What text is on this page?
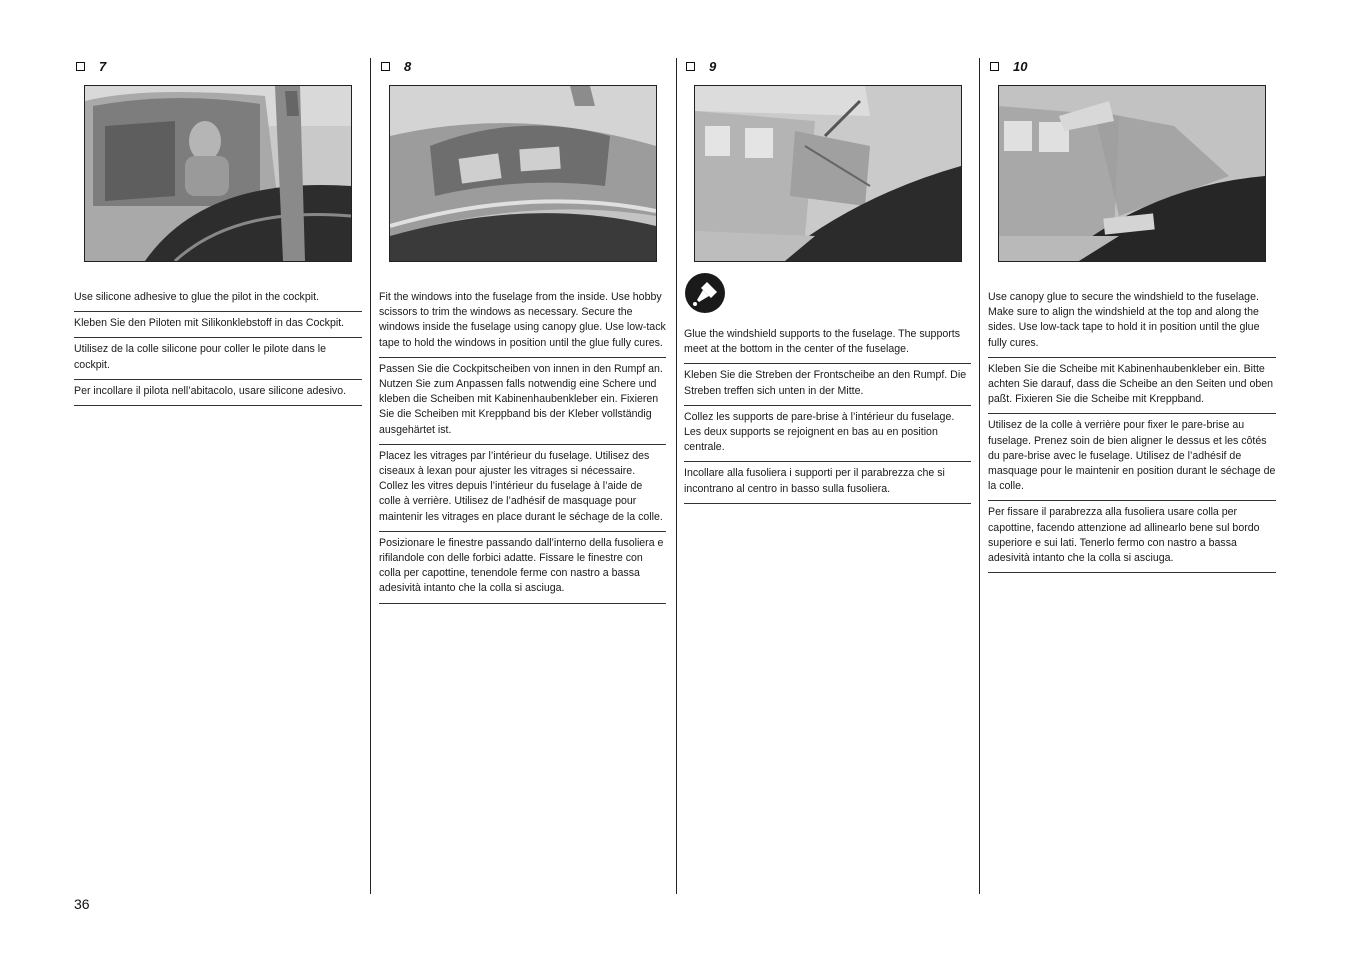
7

Use silicone adhesive to glue the pilot in the cockpit.

Kleben Sie den Piloten mit Silikonklebstoff in das Cockpit.

Utilisez de la colle silicone pour coller le pilote dans le cockpit.

Per incollare il pilota nell’abitacolo, usare silicone adesivo.

8

Fit the windows into the fuselage from the inside. Use hobby scissors to trim the windows as necessary. Secure the windows inside the fuselage using canopy glue. Use low-tack tape to hold the windows in position until the glue fully cures.

Passen Sie die Cockpitscheiben von innen in den Rumpf an. Nutzen Sie zum Anpassen falls notwendig eine Schere und kleben die Scheiben mit Kabinenhaubenkleber ein. Fixieren Sie die Scheiben mit Kreppband bis der Kleber vollständig ausgehärtet ist.

Placez les vitrages par l’intérieur du fuselage. Utilisez des ciseaux à lexan pour ajuster les vitrages si nécessaire. Collez les vitres depuis l’intérieur du fuselage à l’aide de colle à verrière. Utilisez de l’adhésif de masquage pour maintenir les vitrages en place durant le séchage de la colle.

Posizionare le finestre passando dall’interno della fusoliera e rifilandole con delle forbici adatte. Fissare le finestre con colla per capottine, tenendole ferme con nastro a bassa adesività intanto che la colla si asciuga.

9

Glue the windshield supports to the fuselage. The supports meet at the bottom in the center of the fuselage.

Kleben Sie die Streben der Frontscheibe an den Rumpf. Die Streben treffen sich unten in der Mitte.

Collez les supports de pare-brise à l’intérieur du fuselage. Les deux supports se rejoignent en bas au en position centrale.

Incollare alla fusoliera i supporti per il parabrezza che si incontrano al centro in basso sulla fusoliera.

10

Use canopy glue to secure the windshield to the fuselage. Make sure to align the windshield at the top and along the sides. Use low-tack tape to hold it in position until the glue fully cures.

Kleben Sie die Scheibe mit Kabinenhaubenkleber ein. Bitte achten Sie darauf, dass die Scheibe an den Seiten und oben paßt. Fixieren Sie die Scheibe mit Kreppband.

Utilisez de la colle à verrière pour fixer le pare-brise au fuselage. Prenez soin de bien aligner le dessus et les côtés du pare-brise avec le fuselage. Utilisez de l’adhésif de masquage pour le maintenir en position durant le séchage de la colle.

Per fissare il parabrezza alla fusoliera usare colla per capottine, facendo attenzione ad allinearlo bene sul bordo superiore e sui lati. Tenerlo fermo con nastro a bassa adesività intanto che la colla si asciuga.

36
